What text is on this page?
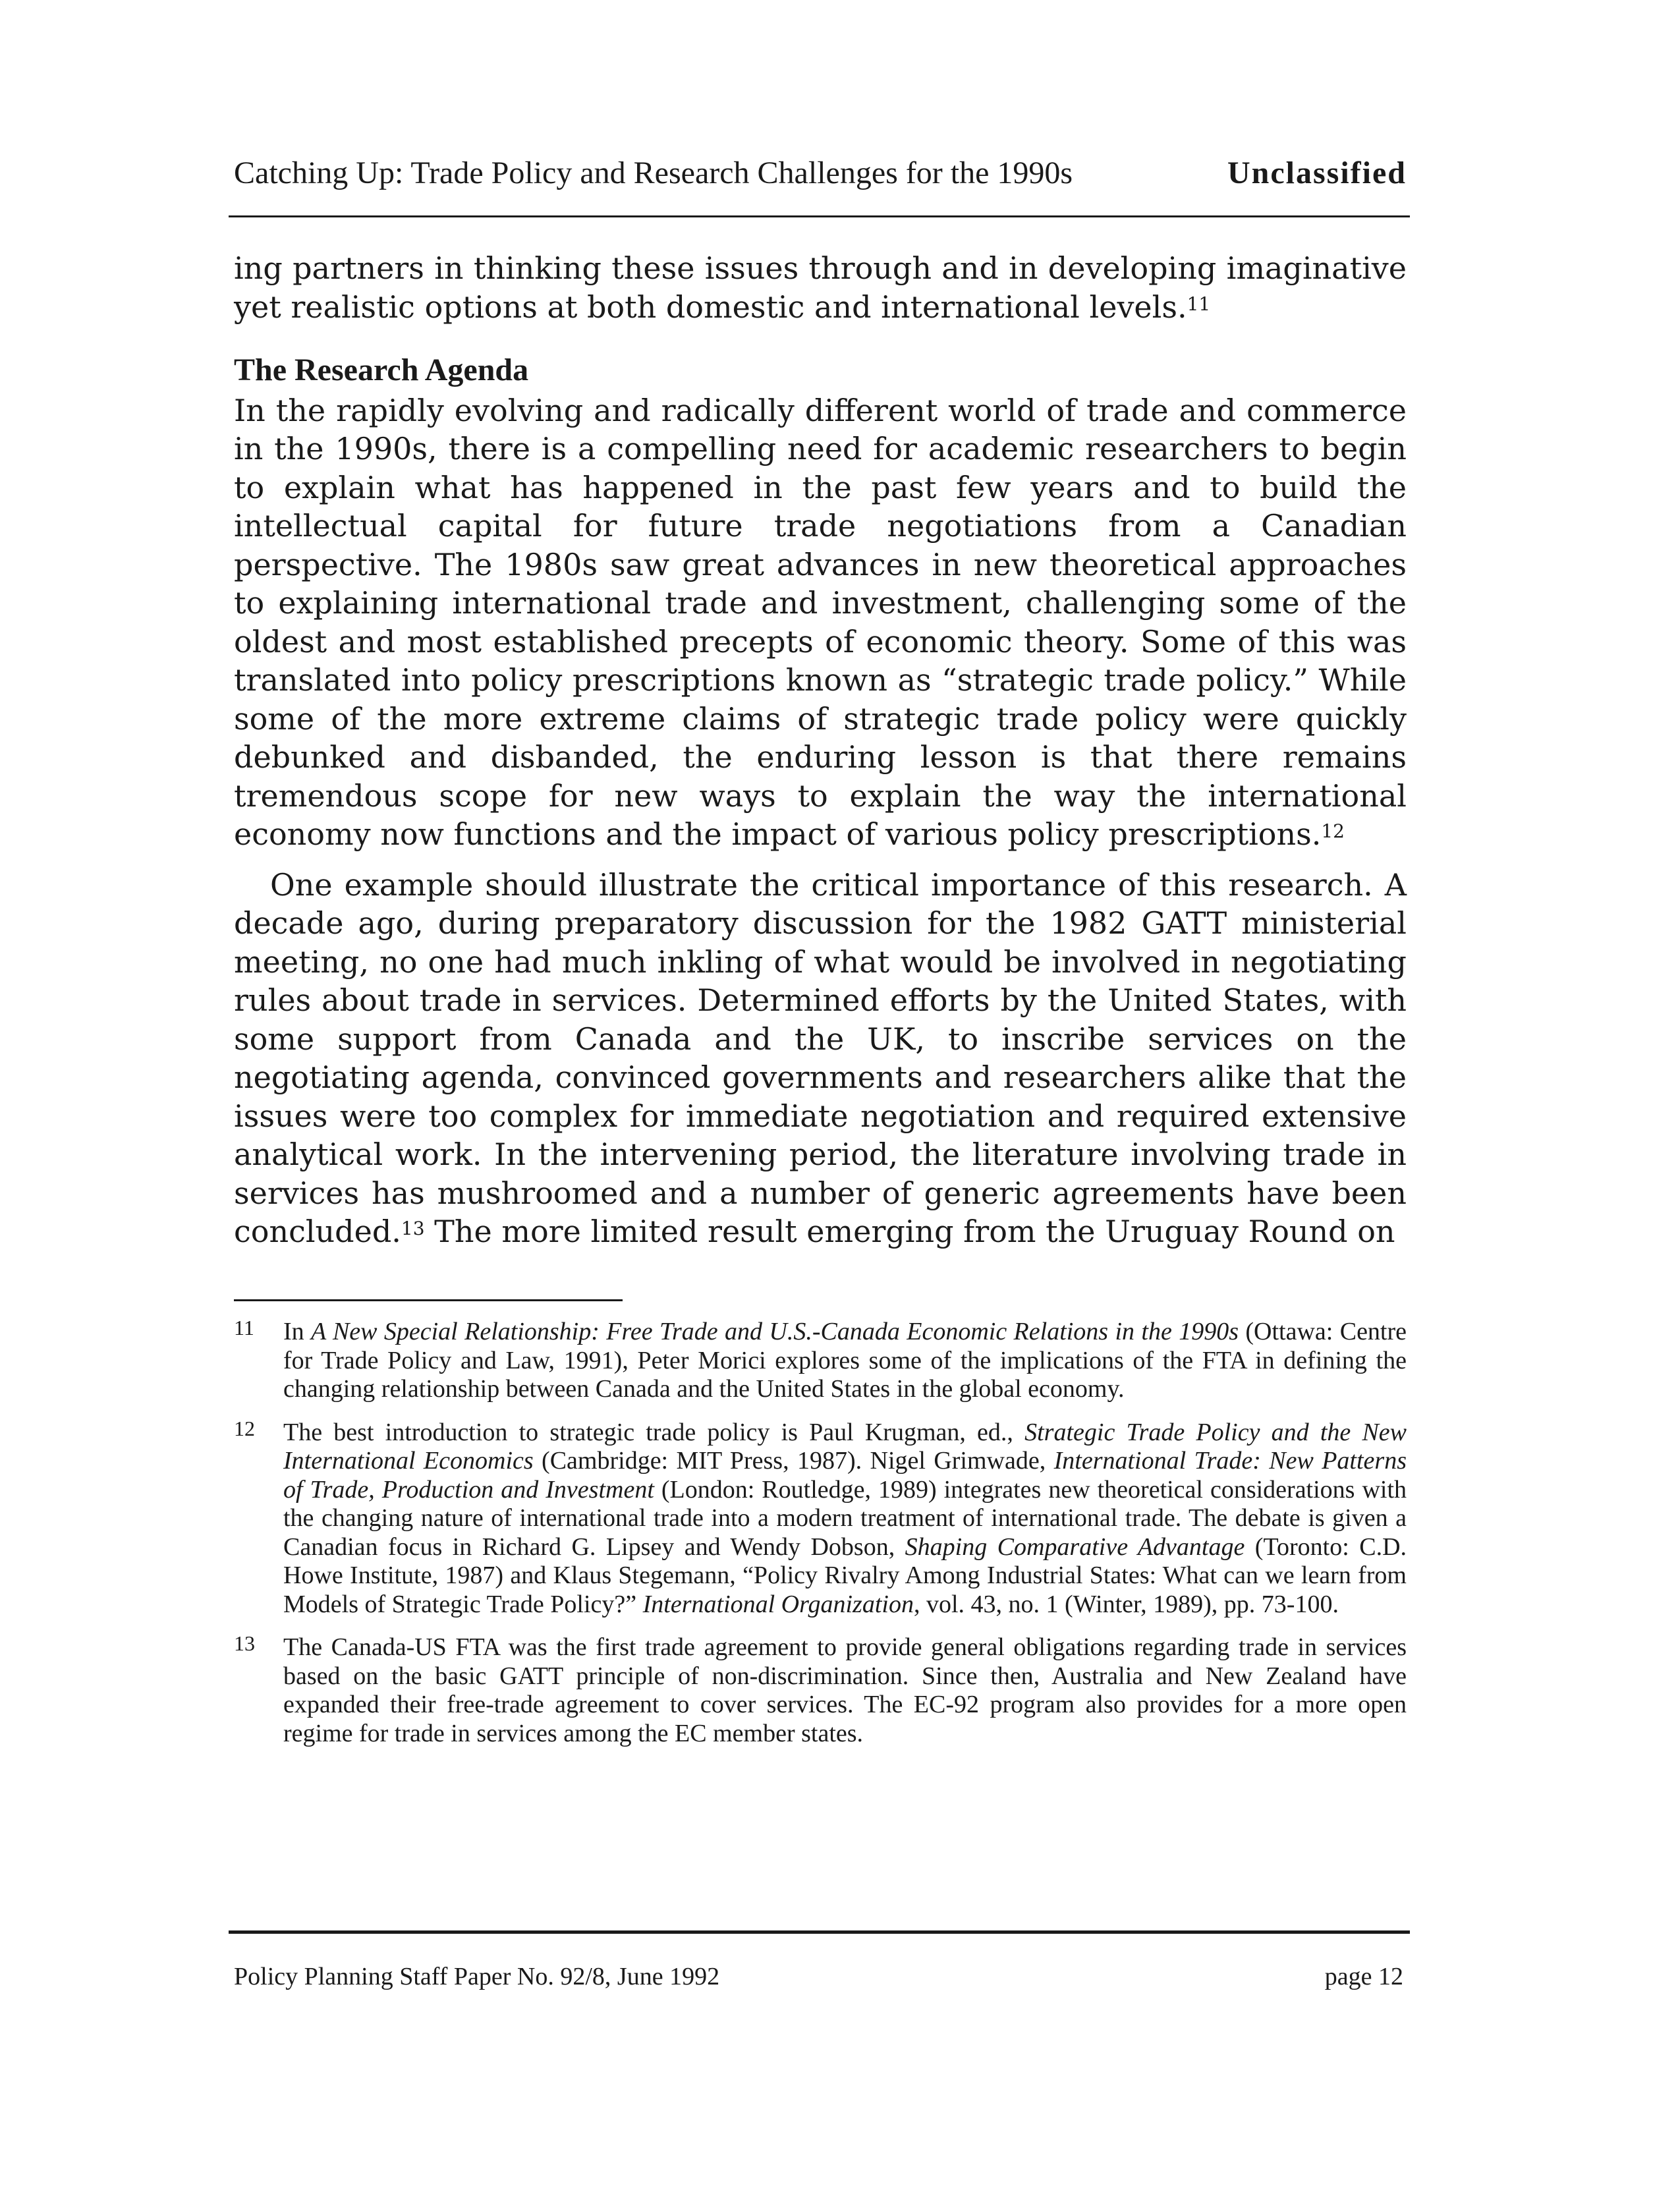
Catching Up: Trade Policy and Research Challenges for the 1990s	Unclassified

ing partners in thinking these issues through and in developing imaginative yet realistic options at both domestic and international levels.$^{11}$

The Research Agenda

In the rapidly evolving and radically different world of trade and commerce in the 1990s, there is a compelling need for academic researchers to begin to explain what has happened in the past few years and to build the intellectual capital for future trade negotiations from a Canadian perspective. The 1980s saw great advances in new theoretical approaches to explaining international trade and investment, challenging some of the oldest and most established precepts of economic theory. Some of this was translated into policy prescriptions known as “strategic trade policy.” While some of the more extreme claims of strategic trade policy were quickly debunked and disbanded, the enduring lesson is that there remains tremendous scope for new ways to explain the way the international economy now functions and the impact of various policy prescriptions.$^{12}$

One example should illustrate the critical importance of this research. A decade ago, during preparatory discussion for the 1982 GATT ministerial meeting, no one had much inkling of what would be involved in negotiating rules about trade in services. Determined efforts by the United States, with some support from Canada and the UK, to inscribe services on the negotiating agenda, convinced governments and researchers alike that the issues were too complex for immediate negotiation and required extensive analytical work. In the intervening period, the literature involving trade in services has mushroomed and a number of generic agreements have been concluded.$^{13}$ The more limited result emerging from the Uruguay Round on

11 In A New Special Relationship: Free Trade and U.S.-Canada Economic Relations in the 1990s (Ottawa: Centre for Trade Policy and Law, 1991), Peter Morici explores some of the implications of the FTA in defining the changing relationship between Canada and the United States in the global economy.
12 The best introduction to strategic trade policy is Paul Krugman, ed., Strategic Trade Policy and the New International Economics (Cambridge: MIT Press, 1987). Nigel Grimwade, International Trade: New Patterns of Trade, Production and Investment (London: Routledge, 1989) integrates new theoretical considerations with the changing nature of international trade into a modern treatment of international trade. The debate is given a Canadian focus in Richard G. Lipsey and Wendy Dobson, Shaping Comparative Advantage (Toronto: C.D. Howe Institute, 1987) and Klaus Stegemann, “Policy Rivalry Among Industrial States: What can we learn from Models of Strategic Trade Policy?” International Organization, vol. 43, no. 1 (Winter, 1989), pp. 73-100.
13 The Canada-US FTA was the first trade agreement to provide general obligations regarding trade in services based on the basic GATT principle of non-discrimination. Since then, Australia and New Zealand have expanded their free-trade agreement to cover services. The EC-92 program also provides for a more open regime for trade in services among the EC member states.
Policy Planning Staff Paper No. 92/8, June 1992	page 12
